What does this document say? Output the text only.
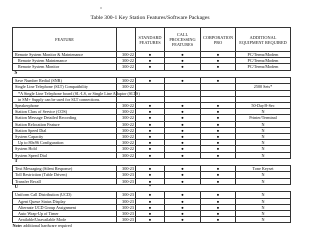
"
Table 300-1 Key Station Features/Software Packages
FEATURE		STANDARD FEATURES	CALL PROCESSING FEATURES	CORPORATION PRO	ADDITIONAL EQUIPMENT REQUIRED
Remote System Monitor & Maintenance	300-22	●	●	●	PC/Terms/Modem
Remote System Maintenance	300-22	●	●	●	PC/Terms/Modem
Remote System Monitor	300-22	●	●	●	PC/Terms/Modem
S					
Save Number Redial (SNR)	300-22	●	●	●	
Single Line Telephone (SLT) Compatibility	300-22				2500 Sets*
*A Single Line Telephone board (SL-LS, or Single Line Adaptor (SLTS)					
in SM+ Supply can be used for SLT connections.					
Speakerphone	300-22	●	●	●	50-Day/8-Sec
Station Class of Service (COS)	300-22	●	●	●	N
Station Message Detailed Recording	300-22	●	●	●	Printer/Terminal
Station Relocation Feature	300-22	●	●	●	N
Station Speed Dial	300-22	●	●	●	N
System Capacity	300-22	●	●	●	N
Up to 80x96 Configuration	300-22	●	●	●	N
System Hold	300-22	●	●	●	N
System Speed Dial	300-22	●	●	●	N
T					
Text Messaging (Silent Response)	300-23	●	●	●	Tone Keyset
Toll Restriction (Table Driven)	300-23	●	●	●	N
Transfer Recall	300-23	●	●	●	N
U		*			
Uniform Call Distribution (UCD)	300-23	●	●	●	N
Agent Queue Status Display	300-23	●	●	●	N
Alternate UCD Group Assignment	300-23	●	●	●	N
Auto Wrap-Up of Timer	300-23	●	●	●	N
Available/Unavailable Mode	300-23	●	●	●	N
Note: additional hardware required					
